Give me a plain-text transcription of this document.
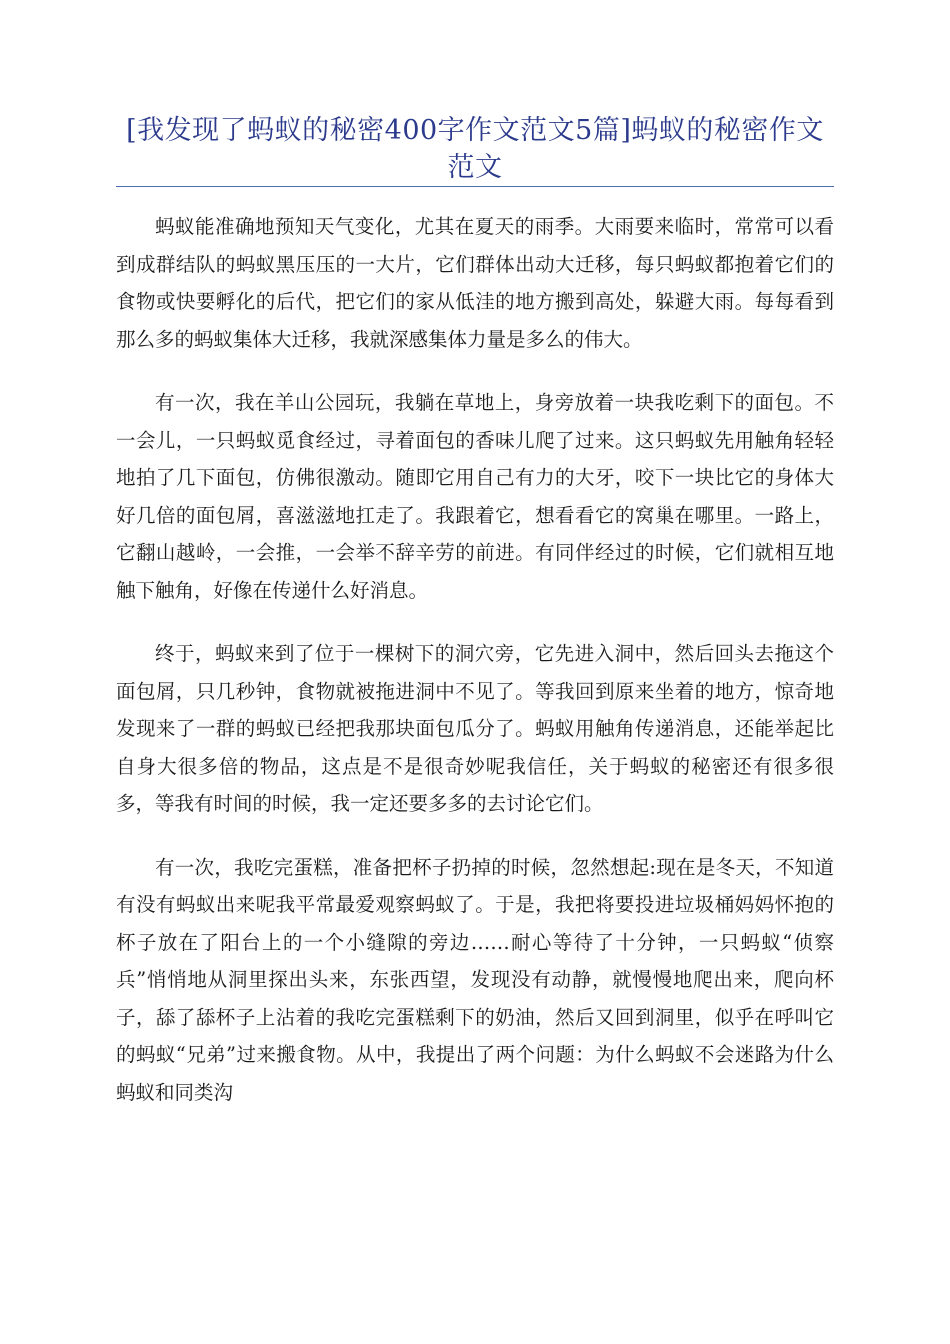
[我发现了蚂蚁的秘密400字作文范文5篇]蚂蚁的秘密作文范文

蚂蚁能准确地预知天气变化，尤其在夏天的雨季。大雨要来临时，常常可以看到成群结队的蚂蚁黑压压的一大片，它们群体出动大迁移，每只蚂蚁都抱着它们的食物或快要孵化的后代，把它们的家从低洼的地方搬到高处，躲避大雨。每每看到那么多的蚂蚁集体大迁移，我就深感集体力量是多么的伟大。

有一次，我在羊山公园玩，我躺在草地上，身旁放着一块我吃剩下的面包。不一会儿，一只蚂蚁觅食经过，寻着面包的香味儿爬了过来。这只蚂蚁先用触角轻轻地拍了几下面包，仿佛很激动。随即它用自己有力的大牙，咬下一块比它的身体大好几倍的面包屑，喜滋滋地扛走了。我跟着它，想看看它的窝巢在哪里。一路上，它翻山越岭，一会推，一会举不辞辛劳的前进。有同伴经过的时候，它们就相互地触下触角，好像在传递什么好消息。

终于，蚂蚁来到了位于一棵树下的洞穴旁，它先进入洞中，然后回头去拖这个面包屑，只几秒钟，食物就被拖进洞中不见了。等我回到原来坐着的地方，惊奇地发现来了一群的蚂蚁已经把我那块面包瓜分了。蚂蚁用触角传递消息，还能举起比自身大很多倍的物品，这点是不是很奇妙呢我信任，关于蚂蚁的秘密还有很多很多，等我有时间的时候，我一定还要多多的去讨论它们。

有一次，我吃完蛋糕，准备把杯子扔掉的时候，忽然想起:现在是冬天，不知道有没有蚂蚁出来呢我平常最爱观察蚂蚁了。于是，我把将要投进垃圾桶妈妈怀抱的杯子放在了阳台上的一个小缝隙的旁边……耐心等待了十分钟，一只蚂蚁“侦察兵”悄悄地从洞里探出头来，东张西望，发现没有动静，就慢慢地爬出来，爬向杯子，舔了舔杯子上沾着的我吃完蛋糕剩下的奶油，然后又回到洞里，似乎在呼叫它的蚂蚁“兄弟”过来搬食物。从中，我提出了两个问题：为什么蚂蚁不会迷路为什么蚂蚁和同类沟
